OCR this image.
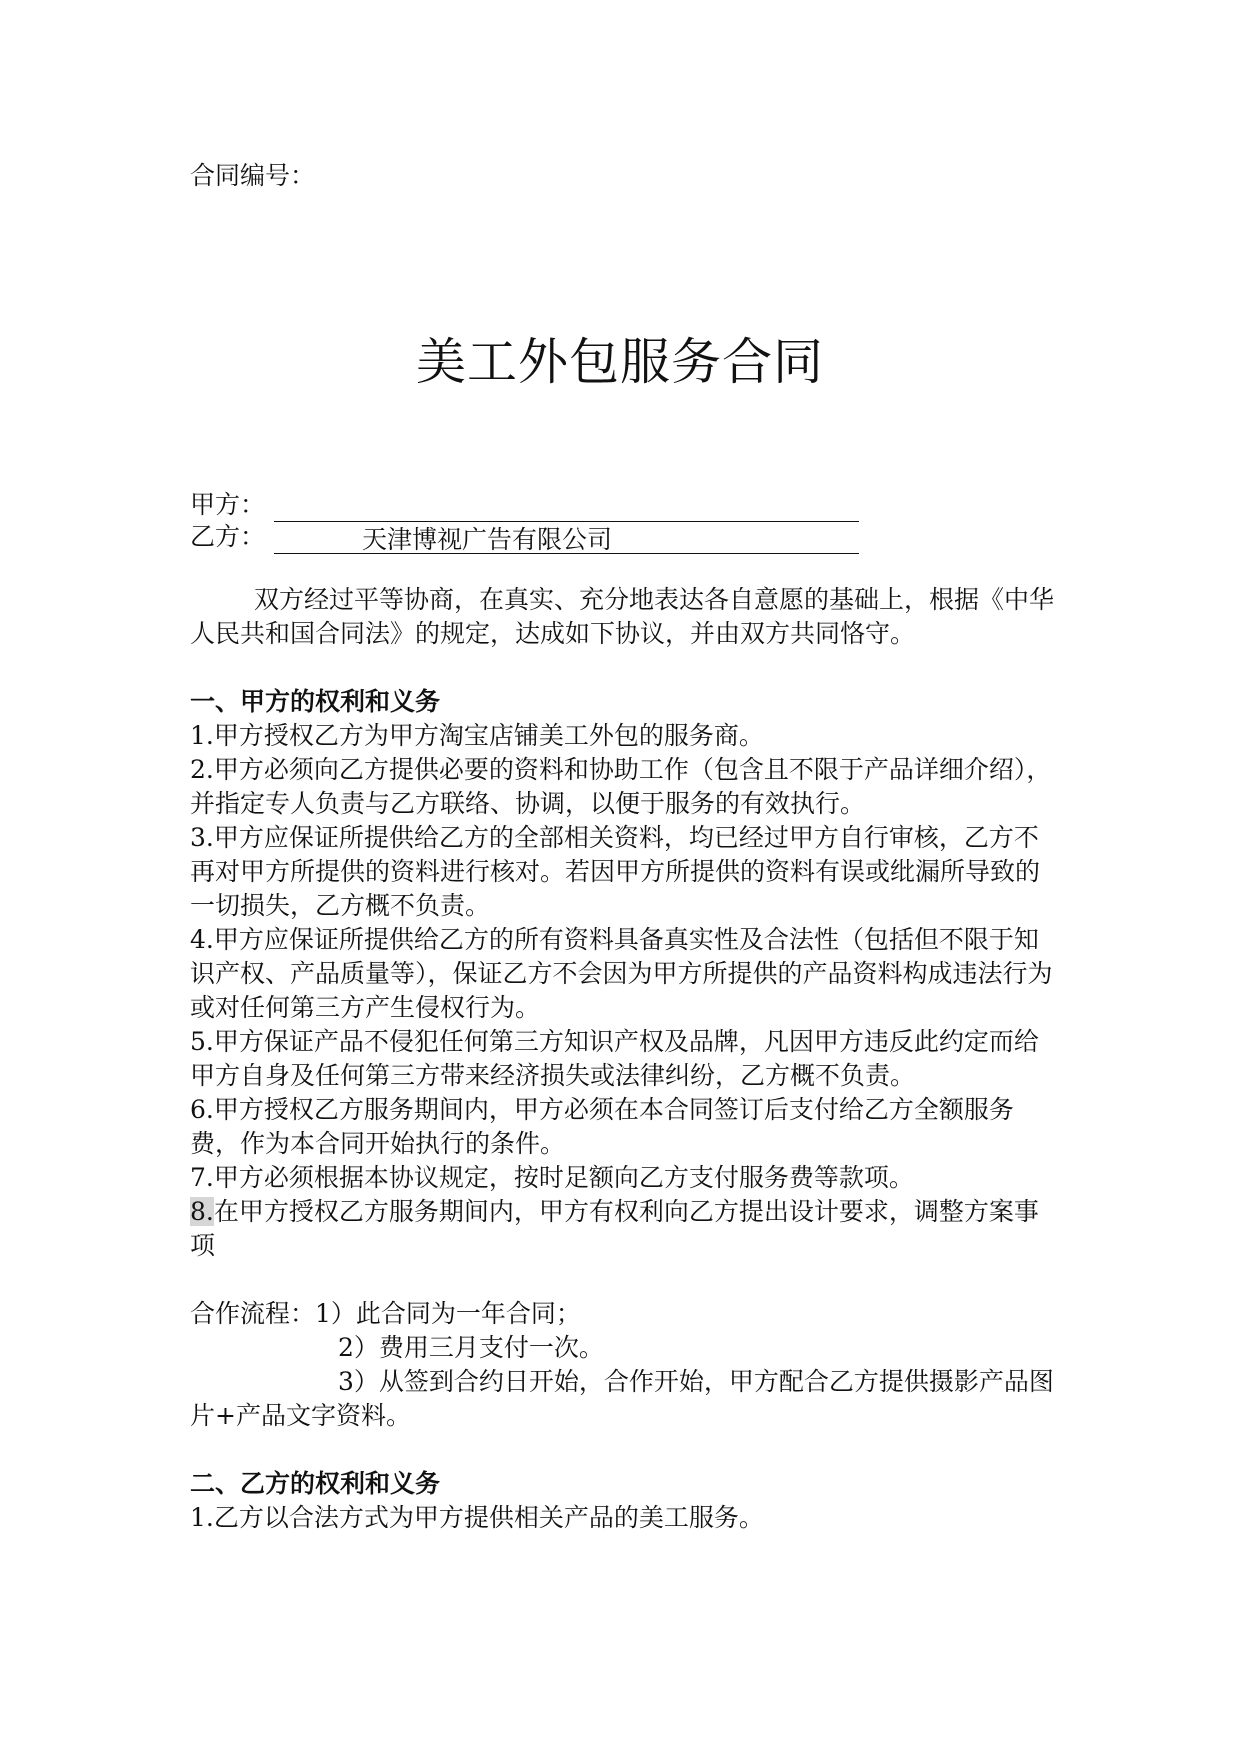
合同编号：
美工外包服务合同
甲方：
乙方：	天津博视广告有限公司

双方经过平等协商，在真实、充分地表达各自意愿的基础上，根据《中华人民共和国合同法》的规定，达成如下协议，并由双方共同恪守。

一、甲方的权利和义务

1.甲方授权乙方为甲方淘宝店铺美工外包的服务商。

2.甲方必须向乙方提供必要的资料和协助工作（包含且不限于产品详细介绍），并指定专人负责与乙方联络、协调，以便于服务的有效执行。

3.甲方应保证所提供给乙方的全部相关资料，均已经过甲方自行审核，乙方不再对甲方所提供的资料进行核对。若因甲方所提供的资料有误或纰漏所导致的一切损失，乙方概不负责。

4.甲方应保证所提供给乙方的所有资料具备真实性及合法性（包括但不限于知识产权、产品质量等），保证乙方不会因为甲方所提供的产品资料构成违法行为或对任何第三方产生侵权行为。

5.甲方保证产品不侵犯任何第三方知识产权及品牌，凡因甲方违反此约定而给甲方自身及任何第三方带来经济损失或法律纠纷，乙方概不负责。

6.甲方授权乙方服务期间内，甲方必须在本合同签订后支付给乙方全额服务费，作为本合同开始执行的条件。

7.甲方必须根据本协议规定，按时足额向乙方支付服务费等款项。

8.在甲方授权乙方服务期间内，甲方有权利向乙方提出设计要求，调整方案事项

合作流程：1）此合同为一年合同；
2）费用三月支付一次。
3）从签到合约日开始，合作开始，甲方配合乙方提供摄影产品图片+产品文字资料。

二、乙方的权利和义务

1.乙方以合法方式为甲方提供相关产品的美工服务。
